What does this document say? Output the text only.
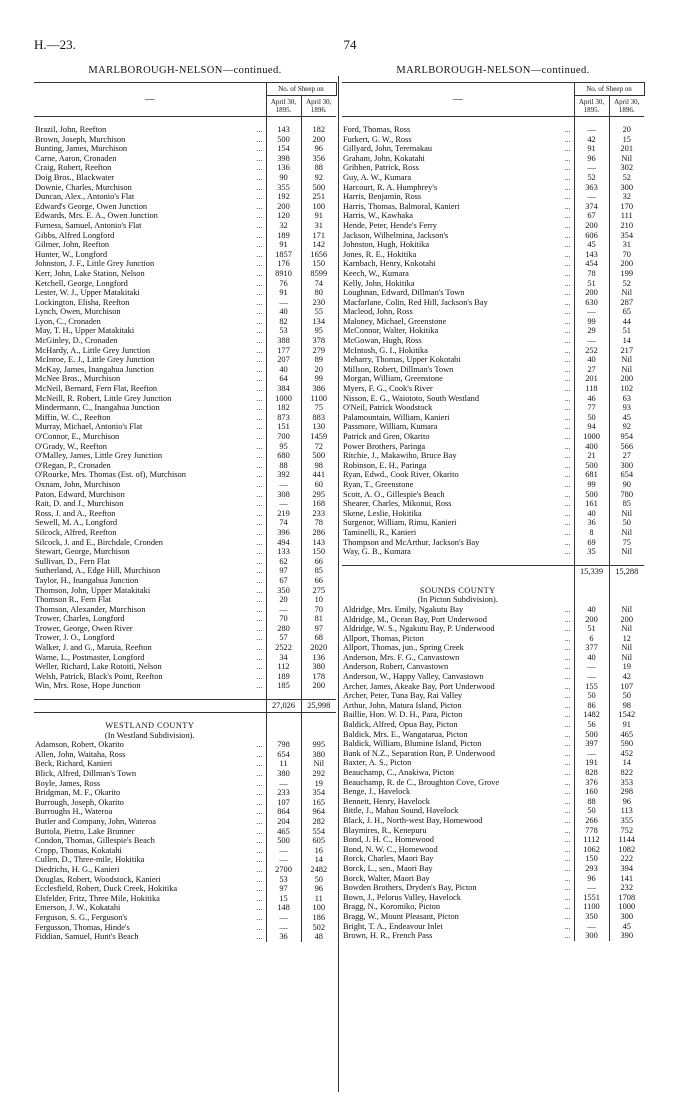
H.—23.	74
MARLBOROUGH-NELSON—continued.
—	No. of Sheep on	
	April 30, 1895.	April 30, 1896.

Brazil, John, Reefton ...	143	182
Brown, Joseph, Murchison ...	500	200
Bunting, James, Murchison ...	154	96
Carne, Aaron, Cronaden ...	398	356
Craig, Robert, Reefton ...	136	88
Doig Bros., Blackwater ...	90	92
Downie, Charles, Murchison ...	355	500
Duncan, Alex., Antonio's Flat ...	192	251
Edward's George, Owen Junction ...	200	100
Edwards, Mrs. E. A., Owen Junction ...	120	91
Furness, Samuel, Antonio's Flat ...	32	31
Gibbs, Alfred Longford ...	189	171
Gilmer, John, Reefton ...	91	142
Hunter, W., Longford ...	1857	1656
Johnston, J. F., Little Grey Junction ...	176	150
Kerr, John, Lake Station, Nelson ...	8910	8599
Ketchell, George, Longford ...	76	74
Lester, W. J., Upper Matakitaki ...	91	80
Lockington, Elisha, Reefton ...	—	230
Lynch, Owen, Murchison ...	40	55
Lyon, C., Cronaden ...	82	134
May, T. H., Upper Matakitaki ...	53	95
McGinley, D., Cronaden ...	388	378
McHardy, A., Little Grey Junction ...	177	279
McInroe, E. J., Little Grey Junction ...	207	89
McKay, James, Inangahua Junction ...	40	20
McNee Bros., Murchison ...	64	99
McNeil, Bernard, Fern Flat, Reefton ...	384	386
McNeill, R. Robert, Little Grey Junction ...	1000	1100
Mindermann, C., Inangahua Junction ...	182	75
Miffin, W. C., Reefton ...	873	883
Murray, Michael, Antonio's Flat ...	151	130
O'Connor, E., Murchison ...	700	1459
O'Grady, W., Reefton ...	95	72
O'Malley, James, Little Grey Junction ...	680	500
O'Regan, P., Cronaden ...	88	98
O'Rourke, Mrs. Thomas (Est. of), Murchison ...	392	441
Oxnam, John, Murchison ...	—	60
Paton, Edward, Murchison ...	308	295
Rait, D. and J., Murchison ...	—	168
Ross, J. and A., Reefton ...	219	233
Sewell, M. A., Longford ...	74	78
Silcock, Alfred, Reefton ...	396	286
Silcock, J. and E., Birchdale, Cronden ...	494	143
Stewart, George, Murchison ...	133	150
Sullivan, D., Fern Flat ...	62	66
Sutherland, A., Edge Hill, Murchison ...	97	85
Taylor, H., Inangahua Junction ...	67	66
Thomson, John, Upper Matakitaki ...	350	275
Thomson R., Fern Flat ...	20	10
Thomson, Alexander, Murchison ...	—	70
Trower, Charles, Longford ...	70	81
Trower, George, Owen River ...	280	97
Trower, J. O., Longford ...	57	68
Walker, J. and G., Maruia, Reefton ...	2522	2020
Warne, L., Postmaster, Longford ...	34	136
Weller, Richard, Lake Rotoiti, Nelson ...	112	380
Welsh, Patrick, Black's Point, Reefton ...	189	178
Win, Mrs. Rose, Hope Junction ...	185	200

	27,026	25,998

WESTLAND COUNTY		
(In Westland Subdivision).		
Adamson, Robert, Okarito ...	798	995
Allen, John, Waitaha, Ross ...	654	380
Beck, Richard, Kanieri ...	11	Nil
Blick, Alfred, Dillman's Town ...	380	292
Boyle, James, Ross ...	—	19
Bridgman, M. F., Okarito ...	233	354
Burrough, Joseph, Okarito ...	107	165
Burroughs H., Wateroa ...	864	964
Butler and Company, John, Wateroa ...	204	282
Buttola, Pietro, Lake Brunner ...	465	554
Condon, Thomas, Gillespie's Beach ...	500	605
Cropp, Thomas, Kokatahi ...	—	16
Cullen, D., Three-mile, Hokitika ...	—	14
Diedrichs, H. G., Kanieri ...	2700	2482
Douglas, Robert, Woodstock, Kanieri ...	53	50
Ecclesfield, Robert, Duck Creek, Hokitika ...	97	96
Elsfelder, Fritz, Three Mile, Hokitika ...	15	11
Emerson, J. W., Kokatahi ...	148	100
Ferguson, S. G., Ferguson's ...	—	186
Fergusson, Thomas, Hinde's ...	—	502
Fiddian, Samuel, Hunt's Beach ...	36	48
MARLBOROUGH-NELSON—continued.
—	No. of Sheep on	
	April 30, 1895.	April 30, 1896.

Ford, Thomas, Ross ...	—	20
Furkert, G. W., Ross ...	42	15
Gillyard, John, Teremakau ...	91	201
Graham, John, Kokatahi ...	96	Nil
Gribben, Patrick, Ross ...	—	302
Guy, A. W., Kumara ...	52	52
Harcourt, R. A. Humphrey's ...	363	300
Harris, Benjamin, Ross ...	—	32
Harris, Thomas, Balmoral, Kanieri ...	374	170
Harris, W., Kawhaka ...	67	111
Hende, Peter, Hende's Ferry ...	200	210
Jackson, Wilhelmina, Jackson's ...	606	354
Johnston, Hugh, Hokitika ...	45	31
Jones, R. E., Hokitika ...	143	70
Karnbach, Henry, Kokotahi ...	454	200
Keech, W., Kumara ...	78	199
Kelly, John, Hokitika ...	51	52
Loughnan, Edward, Dillman's Town ...	200	Nil
Macfarlane, Colin, Red Hill, Jackson's Bay ...	630	287
Macleod, John, Ross ...	—	65
Maloney, Michael, Greenstone ...	99	44
McConnor, Walter, Hokitika ...	29	51
McGowan, Hugh, Ross ...	—	14
McIntosh, G. I., Hokitika ...	252	217
Meharry, Thomas, Upper Kokotabi ...	40	Nil
Millson, Robert, Dillman's Town ...	27	Nil
Morgan, William, Greenstone ...	201	200
Myers, F. G., Cook's River ...	118	102
Nisson, E. G., Waiototo, South Westland ...	46	63
O'Neil, Patrick Woodstock ...	77	93
Palamountain, William, Kanieri ...	50	45
Passmore, William, Kumara ...	94	92
Patrick and Gren, Okarito ...	1000	954
Power Brothers, Paringa ...	400	566
Ritchie, J., Makawiho, Bruce Bay ...	21	27
Robinson, E. H., Paringa ...	500	300
Ryan, Edwd., Cook River, Okarito ...	681	654
Ryan, T., Greenstone ...	99	90
Scott, A. O., Gillespie's Beach ...	500	780
Shearer, Charles, Mikonui, Ross ...	161	85
Skene, Leslie, Hokitika ...	40	Nil
Surgenor, William, Rimu, Kanieri ...	36	50
Taminelli, R., Kanieri ...	8	Nil
Thompson and McArthur, Jackson's Bay ...	69	75
Way, G. B., Kumara ...	35	Nil

	15,339	15,288

SOUNDS COUNTY		
(In Picton Subdivision).		
Aldridge, Mrs. Emily, Ngakutu Bay ...	40	Nil
Aldridge, M., Ocean Bay, Port Underwood ...	200	200
Aldridge, W. S., Ngakutu Bay, P. Underwood ...	51	Nil
Allport, Thomas, Picton ...	6	12
Allport, Thomas, jun., Spring Creek ...	377	Nil
Anderson, Mrs. F. G., Canvastown ...	40	Nil
Anderson, Robert, Canvastown ...	—	19
Anderson, W., Happy Valley, Canvastown ...	—	42
Archer, James, Akeake Bay, Port Underwood ...	155	107
Archer, Peter, Tuna Bay, Rai Valley ...	50	50
Arthur, John, Matura Island, Picton ...	86	98
Baillie, Hon. W. D. H., Para, Picton ...	1482	1542
Baldick, Alfred, Opua Bay, Picton ...	56	91
Baldick, Mrs. E., Wangatarua, Picton ...	500	465
Baldick, William, Blumine Island, Picton ...	397	590
Bank of N.Z., Separation Run, P. Underwood ...	—	452
Baxter, A. S., Picton ...	191	14
Beauchamp, C., Anakiwa, Picton ...	828	822
Beauchamp, R. de C., Broughton Cove, Grove ...	376	353
Benge, J., Havelock ...	160	298
Bennett, Henry, Havelock ...	88	96
Bittle, J., Mahau Sound, Havelock ...	50	113
Black, J. H., North-west Bay, Homewood ...	266	355
Blaymires, R., Kenepuru ...	778	752
Bond, J. H. C., Homewood ...	1112	1144
Bond, N. W. C., Homewood ...	1062	1082
Borck, Charles, Maori Bay ...	150	222
Borck, L., sen., Maori Bay ...	293	394
Borck, Walter, Maori Bay ...	96	141
Bowden Brothers, Dryden's Bay, Picton ...	—	232
Bown, J., Pelorus Valley, Havelock ...	1551	1708
Bragg, N., Koromiko, Picton ...	1100	1000
Bragg, W., Mount Pleasant, Picton ...	350	300
Bright, T. A., Endeavour Inlet ...	—	45
Brown, H. R., French Pass ...	300	390
